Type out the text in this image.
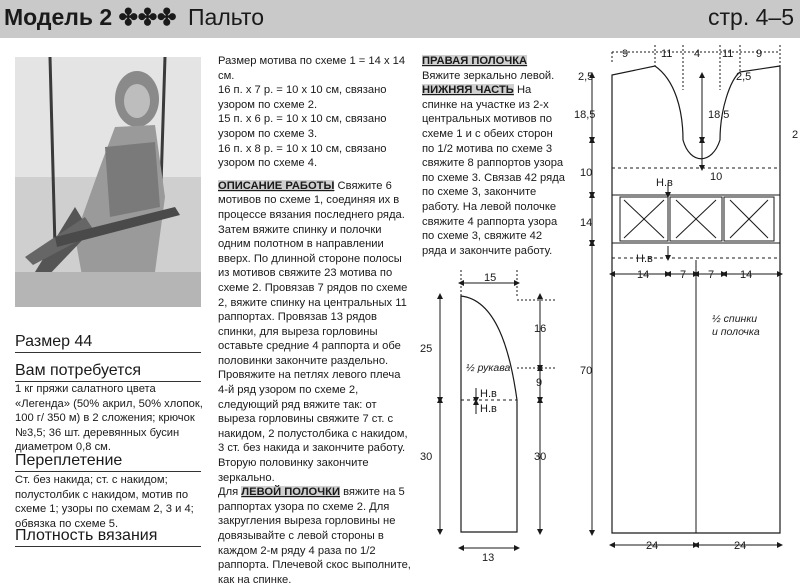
Модель 2 ✤✤✤ Пальто	стр. 4–5
Размер 44
Вам потребуется
1 кг пряжи салатного цвета «Легенда» (50% акрил, 50% хлопок, 100 г/ 350 м) в 2 сложения; крючок №3,5; 36 шт. деревянных бусин диаметром 0,8 см.
Переплетение
Ст. без накида; ст. с накидом; полустолбик с накидом, мотив по схеме 1; узоры по схемам 2, 3 и 4; обвязка по схеме 5.
Плотность вязания
Размер мотива по схеме 1 = 14 х 14 см.
16 п. х 7 р. = 10 х 10 см, связано узором по схеме 2.
15 п. х 6 р. = 10 х 10 см, связано узором по схеме 3.
16 п. х 8 р. = 10 х 10 см, связано узором по схеме 4.
ОПИСАНИЕ РАБОТЫ Свяжите 6 мотивов по схеме 1, соединяя их в процессе вязания последнего ряда. Затем вяжите спинку и полочки одним полотном в направлении вверх. По длинной стороне полосы из мотивов свяжите 23 мотива по схеме 2. Провязав 7 рядов по схеме 2, вяжите спинку на центральных 11 раппортах. Провязав 13 рядов спинки, для выреза горловины оставьте средние 4 раппорта и обе половинки закончите раздельно. Провяжите на петлях левого плеча 4-й ряд узором по схеме 2, следующий ряд вяжите так: от выреза горловины свяжите 7 ст. с накидом, 2 полустолбика с накидом, 3 ст. без накида и закончите работу. Вторую половинку закончите зеркально.
Для ЛЕВОЙ ПОЛОЧКИ вяжите на 5 раппортах узора по схеме 2. Для закругления выреза горловины не довязывайте с левой стороны в каждом 2-м ряду 4 раза по 1/2 раппорта. Плечевой скос выполните, как на спинке.
ПРАВАЯ ПОЛОЧКА Вяжите зеркально левой.
НИЖНЯЯ ЧАСТЬ На спинке на участке из 2-х центральных мотивов по схеме 1 и с обеих сторон по 1/2 мотива по схеме 3 свяжите 8 раппортов узора по схеме 3. Связав 42 ряда по схеме 3, закончите работу. На левой полочке свяжите 4 раппорта узора по схеме 3, свяжите 42 ряда и закончите работу.
15
25
30
16
9
30
13
½ рукава
Н.в
Н.в
9	11 4 11 9
2,5	2,5
18,5	18,5
10	10
14
70
14	7 7 14
24	24
½ спинки
и полочка
Н.в
Н.в
2
